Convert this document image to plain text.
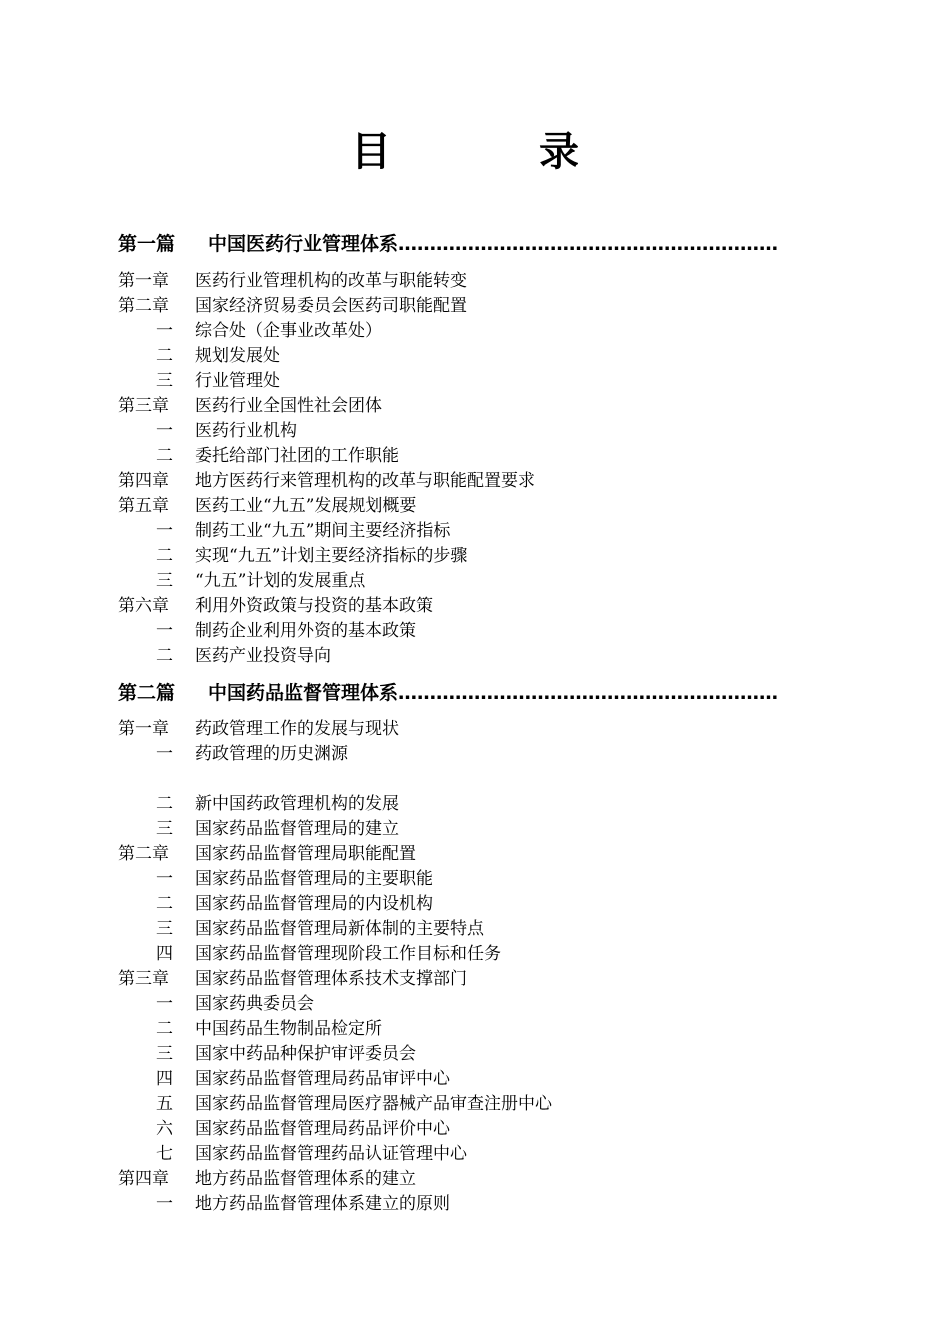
目　录
第一篇 中国医药行业管理体系……………………………………………………
第一章 医药行业管理机构的改革与职能转变
第二章 国家经济贸易委员会医药司职能配置
一 综合处（企事业改革处）
二 规划发展处
三 行业管理处
第三章 医药行业全国性社会团体
一 医药行业机构
二 委托给部门社团的工作职能
第四章 地方医药行来管理机构的改革与职能配置要求
第五章 医药工业“九五”发展规划概要
一 制药工业“九五”期间主要经济指标
二 实现“九五”计划主要经济指标的步骤
三 “九五”计划的发展重点
第六章 利用外资政策与投资的基本政策
一 制药企业利用外资的基本政策
二 医药产业投资导向
第二篇 中国药品监督管理体系……………………………………………………
第一章 药政管理工作的发展与现状
一 药政管理的历史渊源
二 新中国药政管理机构的发展
三 国家药品监督管理局的建立
第二章 国家药品监督管理局职能配置
一 国家药品监督管理局的主要职能
二 国家药品监督管理局的内设机构
三 国家药品监督管理局新体制的主要特点
四 国家药品监督管理现阶段工作目标和任务
第三章 国家药品监督管理体系技术支撑部门
一 国家药典委员会
二 中国药品生物制品检定所
三 国家中药品种保护审评委员会
四 国家药品监督管理局药品审评中心
五 国家药品监督管理局医疗器械产品审查注册中心
六 国家药品监督管理局药品评价中心
七 国家药品监督管理药品认证管理中心
第四章 地方药品监督管理体系的建立
一 地方药品监督管理体系建立的原则
